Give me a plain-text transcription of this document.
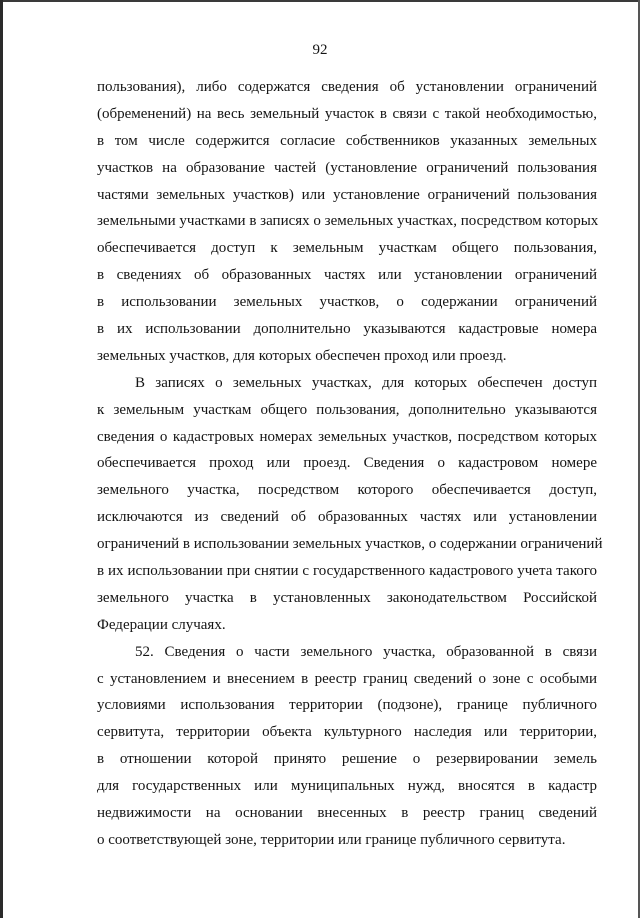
92
пользования), либо содержатся сведения об установлении ограничений
(обременений) на весь земельный участок в связи с такой необходимостью,
в том числе содержится согласие собственников указанных земельных
участков на образование частей (установление ограничений пользования
частями земельных участков) или установление ограничений пользования
земельными участками в записях о земельных участках, посредством которых
обеспечивается доступ к земельным участкам общего пользования,
в сведениях об образованных частях или установлении ограничений
в использовании земельных участков, о содержании ограничений
в их использовании дополнительно указываются кадастровые номера
земельных участков, для которых обеспечен проход или проезд.
В записях о земельных участках, для которых обеспечен доступ
к земельным участкам общего пользования, дополнительно указываются
сведения о кадастровых номерах земельных участков, посредством которых
обеспечивается проход или проезд. Сведения о кадастровом номере
земельного участка, посредством которого обеспечивается доступ,
исключаются из сведений об образованных частях или установлении
ограничений в использовании земельных участков, о содержании ограничений
в их использовании при снятии с государственного кадастрового учета такого
земельного участка в установленных законодательством Российской
Федерации случаях.
52. Сведения о части земельного участка, образованной в связи
с установлением и внесением в реестр границ сведений о зоне с особыми
условиями использования территории (подзоне), границе публичного
сервитута, территории объекта культурного наследия или территории,
в отношении которой принято решение о резервировании земель
для государственных или муниципальных нужд, вносятся в кадастр
недвижимости на основании внесенных в реестр границ сведений
о соответствующей зоне, территории или границе публичного сервитута.
